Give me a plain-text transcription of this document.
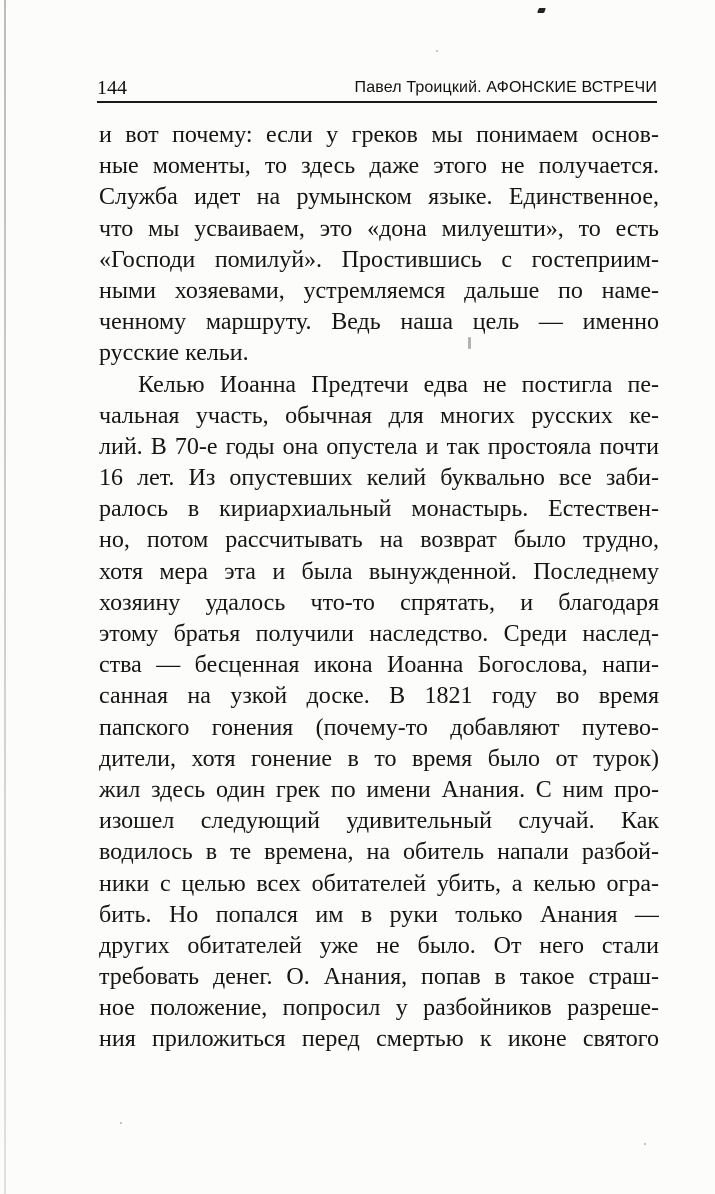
144	Павел Троицкий. АФОНСКИЕ ВСТРЕЧИ
и вот почему: если у греков мы понимаем основ-
ные моменты, то здесь даже этого не получается.
Служба идет на румынском языке. Единственное,
что мы усваиваем, это «дона милуешти», то есть
«Господи помилуй». Простившись с гостеприим-
ными хозяевами, устремляемся дальше по наме-
ченному маршруту. Ведь наша цель — именно
русские кельи.
Келью Иоанна Предтечи едва не постигла пе-
чальная участь, обычная для многих русских ке-
лий. В 70-е годы она опустела и так простояла почти
16 лет. Из опустевших келий буквально все заби-
ралось в кириархиальный монастырь. Естествен-
но, потом рассчитывать на возврат было трудно,
хотя мера эта и была вынужденной. Последнему
хозяину удалось что-то спрятать, и благодаря
этому братья получили наследство. Среди наслед-
ства — бесценная икона Иоанна Богослова, напи-
санная на узкой доске. В 1821 году во время
папского гонения (почему-то добавляют путево-
дители, хотя гонение в то время было от турок)
жил здесь один грек по имени Анания. С ним про-
изошел следующий удивительный случай. Как
водилось в те времена, на обитель напали разбой-
ники с целью всех обитателей убить, а келью огра-
бить. Но попался им в руки только Анания —
других обитателей уже не было. От него стали
требовать денег. О. Анания, попав в такое страш-
ное положение, попросил у разбойников разреше-
ния приложиться перед смертью к иконе святого
